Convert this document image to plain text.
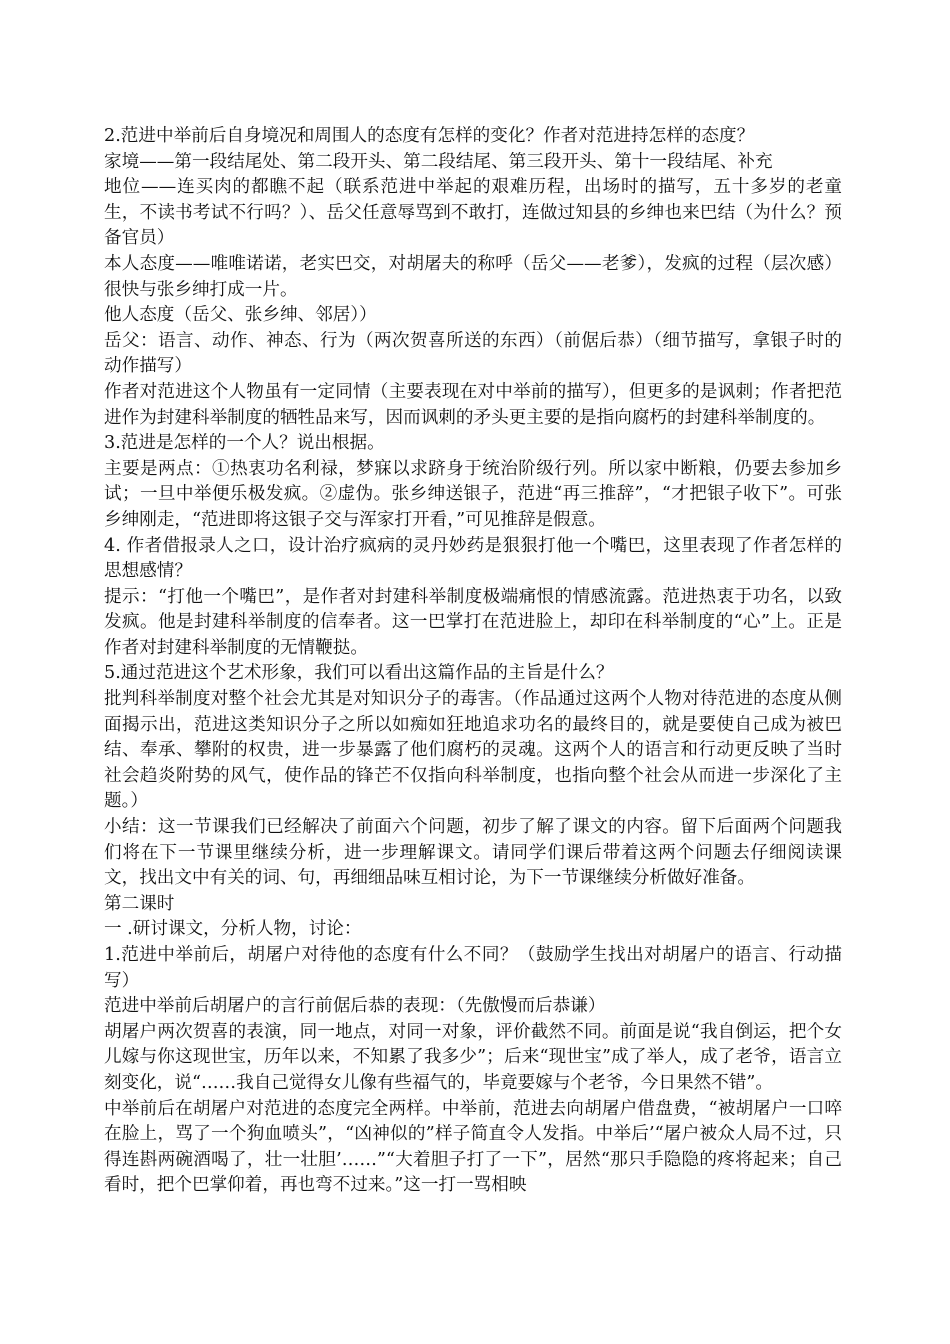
2.范进中举前后自身境况和周围人的态度有怎样的变化？作者对范进持怎样的态度？

家境——第一段结尾处、第二段开头、第二段结尾、第三段开头、第十一段结尾、补充

地位——连买肉的都瞧不起（联系范进中举起的艰难历程，出场时的描写，五十多岁的老童生，不读书考试不行吗？）、岳父任意辱骂到不敢打，连做过知县的乡绅也来巴结（为什么？预备官员）

本人态度——唯唯诺诺，老实巴交，对胡屠夫的称呼（岳父——老爹），发疯的过程（层次感）很快与张乡绅打成一片。

他人态度（岳父、张乡绅、邻居））

岳父：语言、动作、神态、行为（两次贺喜所送的东西）（前倨后恭）（细节描写，拿银子时的动作描写）

作者对范进这个人物虽有一定同情（主要表现在对中举前的描写），但更多的是讽刺；作者把范进作为封建科举制度的牺牲品来写，因而讽刺的矛头更主要的是指向腐朽的封建科举制度的。

3.范进是怎样的一个人？说出根据。

主要是两点：①热衷功名利禄，梦寐以求跻身于统治阶级行列。所以家中断粮，仍要去参加乡试；一旦中举便乐极发疯。②虚伪。张乡绅送银子，范进“再三推辞”，“才把银子收下”。可张乡绅刚走，“范进即将这银子交与浑家打开看，”可见推辞是假意。

4. 作者借报录人之口，设计治疗疯病的灵丹妙药是狠狠打他一个嘴巴，这里表现了作者怎样的思想感情？

提示：“打他一个嘴巴”，是作者对封建科举制度极端痛恨的情感流露。范进热衷于功名，以致发疯。他是封建科举制度的信奉者。这一巴掌打在范进脸上，却印在科举制度的“心”上。正是作者对封建科举制度的无情鞭挞。

5.通过范进这个艺术形象，我们可以看出这篇作品的主旨是什么？

批判科举制度对整个社会尤其是对知识分子的毒害。（作品通过这两个人物对待范进的态度从侧面揭示出，范进这类知识分子之所以如痴如狂地追求功名的最终目的，就是要使自己成为被巴结、奉承、攀附的权贵，进一步暴露了他们腐朽的灵魂。这两个人的语言和行动更反映了当时社会趋炎附势的风气，使作品的锋芒不仅指向科举制度，也指向整个社会从而进一步深化了主题。）

小结：这一节课我们已经解决了前面六个问题，初步了解了课文的内容。留下后面两个问题我们将在下一节课里继续分析，进一步理解课文。请同学们课后带着这两个问题去仔细阅读课文，找出文中有关的词、句，再细细品味互相讨论，为下一节课继续分析做好准备。

第二课时

一 .研讨课文，分析人物，讨论：

1.范进中举前后，胡屠户对待他的态度有什么不同？（鼓励学生找出对胡屠户的语言、行动描写）

范进中举前后胡屠户的言行前倨后恭的表现：（先傲慢而后恭谦）

胡屠户两次贺喜的表演，同一地点，对同一对象，评价截然不同。前面是说“我自倒运，把个女儿嫁与你这现世宝，历年以来，不知累了我多少”；后来“现世宝”成了举人，成了老爷，语言立刻变化，说“……我自己觉得女儿像有些福气的，毕竟要嫁与个老爷，今日果然不错”。

中举前后在胡屠户对范进的态度完全两样。中举前，范进去向胡屠户借盘费，“被胡屠户一口啐在脸上，骂了一个狗血喷头”，“凶神似的”样子简直令人发指。中举后’“屠户被众人局不过，只得连斟两碗酒喝了，壮一壮胆’……”“大着胆子打了一下”，居然“那只手隐隐的疼将起来；自己看时，把个巴掌仰着，再也弯不过来。”这一打一骂相映
